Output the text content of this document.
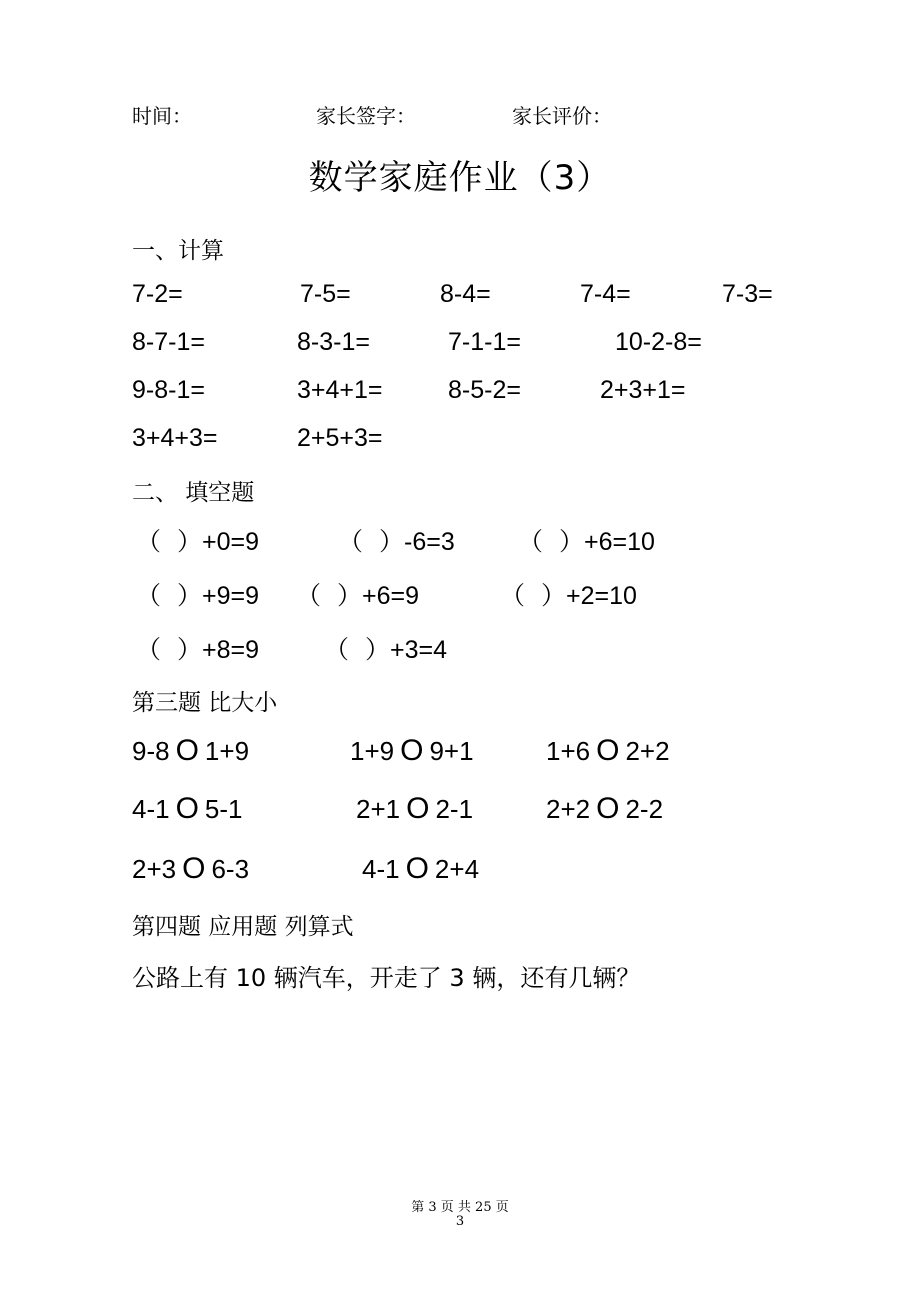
时间：	家长签字：	家长评价：
数学家庭作业（3）
一、计算
7-2=	7-5=	8-4=	7-4=	7-3=
8-7-1=	8-3-1=	7-1-1=	10-2-8=
9-8-1=	3+4+1=	8-5-2=	2+3+1=
3+4+3=	2+5+3=
二、 填空题
（ ）+0=9	（ ）-6=3	（ ）+6=10
（ ）+9=9 （ ）+6=9	（ ）+2=10
（ ）+8=9	（ ）+3=4
第三题 比大小
9-8 O 1+9	1+9 O 9+1	1+6 O 2+2
4-1 O 5-1	2+1 O 2-1	2+2 O 2-2
2+3 O 6-3	4-1 O 2+4
第四题 应用题 列算式
公路上有 10 辆汽车，开走了 3 辆，还有几辆？
第 3 页 共 25 页
3
